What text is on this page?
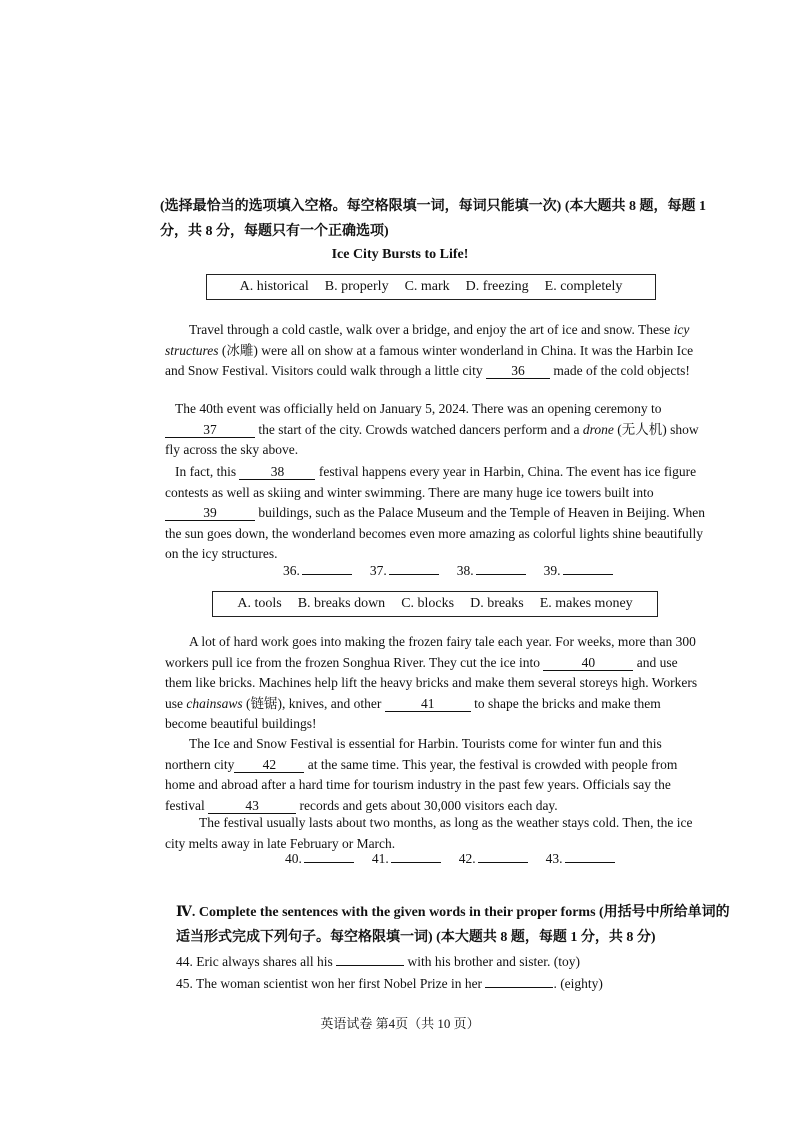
(选择最恰当的选项填入空格。每空格限填一词，每词只能填一次) (本大题共 8 题，每题 1 分，共 8 分，每题只有一个正确选项)
Ice City Bursts to Life!
A. historical B. properly C. mark D. freezing E. completely
Travel through a cold castle, walk over a bridge, and enjoy the art of ice and snow. These icy structures (冰雕) were all on show at a famous winter wonderland in China. It was the Harbin Ice and Snow Festival. Visitors could walk through a little city 36 made of the cold objects!
The 40th event was officially held on January 5, 2024. There was an opening ceremony to 37	the start of the city. Crowds watched dancers perform and a drone (无人机) show fly across the sky above.
In fact, this 38 festival happens every year in Harbin, China. The event has ice figure contests as well as skiing and winter swimming. There are many huge ice towers built into 39	buildings, such as the Palace Museum and the Temple of Heaven in Beijing. When the sun goes down, the wonderland becomes even more amazing as colorful lights shine beautifully on the icy structures.
36.	37.	38.	39.
A. tools B. breaks down C. blocks D. breaks E. makes money
A lot of hard work goes into making the frozen fairy tale each year. For weeks, more than 300 workers pull ice from the frozen Songhua River. They cut the ice into	40	and use them like bricks. Machines help lift the heavy bricks and make them several storeys high. Workers use chainsaws (链锯), knives, and other	41	to shape the bricks and make them become beautiful buildings!
The Ice and Snow Festival is essential for Harbin. Tourists come for winter fun and this northern city 42 at the same time. This year, the festival is crowded with people from home and abroad after a hard time for tourism industry in the past few years. Officials say the festival	43	records and gets about 30,000 visitors each day.
The festival usually lasts about two months, as long as the weather stays cold. Then, the ice city melts away in late February or March.
40.	41.	42.	43.
Ⅳ. Complete the sentences with the given words in their proper forms (用括号中所给单词的适当形式完成下列句子。每空格限填一词) (本大题共 8 题，每题 1 分，共 8 分)
44. Eric always shares all his	with his brother and sister. (toy)
45. The woman scientist won her first Nobel Prize in her	. (eighty)
英语试卷 第4页（共 10 页）
